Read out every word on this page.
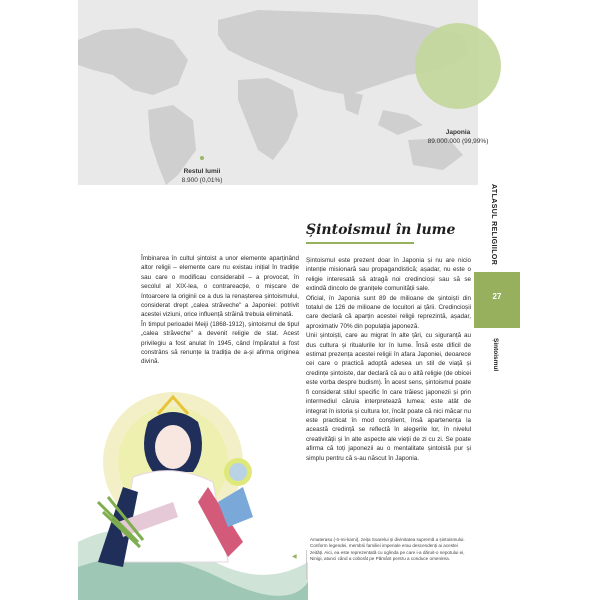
Japonia
89.000.000 (99,99%)
Restul lumii
8.900 (0,01%)
ATLASUL RELIGIILOR
27
Șintoismul
Șintoismul în lume

Îmbinarea în cultul șintoist a unor elemente aparținând altor religii – elemente care nu existau inițial în tradiție sau care o modificau considerabil – a provocat, în secolul al XIX-lea, o contrareacție, o mișcare de întoarcere la originii ce a dus la renașterea șintoismului, considerat drept „calea străveche" a Japoniei: potrivit acestei viziuni, orice influență străină trebuia eliminată.

În timpul perioadei Meiji (1868-1912), șintoismul de tipul „calea străveche" a devenit religie de stat. Acest privilegiu a fost anulat în 1945, când împăratul a fost constrâns să renunțe la tradiția de a-și afirma originea divină.

Șintoismul este prezent doar în Japonia și nu are nicio intenție misionară sau propagandistică; așadar, nu este o religie interesată să atragă noi credincioși sau să se extindă dincolo de granițele comunității sale.

Oficial, în Japonia sunt 89 de milioane de șintoiști din totalul de 126 de milioane de locuitori ai țării. Credincioșii care declară că aparțin acestei religii reprezintă, așadar, aproximativ 70% din populația japoneză.

Unii șintoiști, care au migrat în alte țări, cu siguranță au dus cultura și ritualurile lor în lume. Însă este dificil de estimat prezența acestei religii în afara Japoniei, deoarece cei care o practică adoptă adesea un stil de viață și credințe șintoiste, dar declară că au o altă religie (de obicei este vorba despre budism). În acest sens, șintoismul poate fi considerat stilul specific în care trăiesc japonezii și prin intermediul căruia interpretează lumea: este atât de integrat în istoria și cultura lor, încât poate că nici măcar nu este practicat în mod conștient, însă apartenența la această credință se reflectă în alegerile lor, în nivelul creativității și în alte aspecte ale vieții de zi cu zi. Se poate afirma că toți japonezii au o mentalitate șintoistă pur și simplu pentru că s-au născut în Japonia.

◀
Amaterasu (-ō-mi-kami), zeița Soarelui și divinitatea supremă a șintoismului. Conform legendei, membrii familiei imperiale erau descendenți ai acestei zeități. Aici, ea este reprezentată cu oglinda pe care i-a dăruit-o nepotului ei, Ninigi, atunci când a coborât pe Pământ pentru a conduce omenirea.
